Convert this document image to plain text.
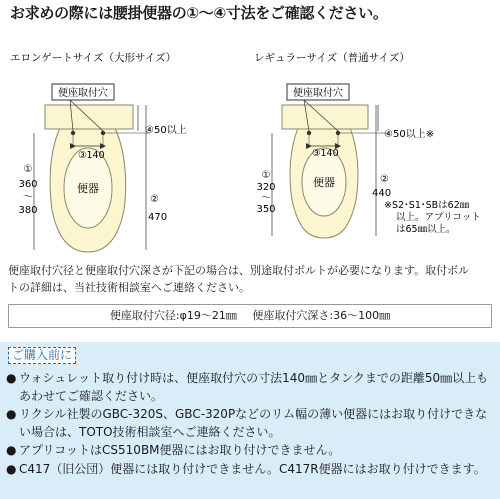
お求めの際には腰掛便器の①～④寸法をご確認ください。
エロンゲートサイズ（大形サイズ）
便座取付穴
④50以上
③140
便器
①
360
～
380
②
470
レギュラーサイズ（普通サイズ）
便座取付穴
④50以上※
③140
便器
①
320
～
350
②
440
※S2･S1･SBは62㎜
以上。アプリコット
は65㎜以上。
便座取付穴径と便座取付穴深さが下記の場合は、別途取付ボルトが必要になります。取付ボル
トの詳細は、当社技術相談室へご連絡ください。
便座取付穴径:φ19～21㎜ 便座取付穴深さ:36～100㎜
ご購入前に
● ウォシュレット取り付け時は、便座取付穴の寸法140㎜とタンクまでの距離50㎜以上もあわせてご確認ください。
● リクシル社製のGBC-320S、GBC-320Pなどのリム幅の薄い便器にはお取り付けできない場合は、TOTO技術相談室へご連絡ください。
● アプリコットはCS510BM便器にはお取り付けできません。
● C417（旧公団）便器には取り付けできません。C417R便器にはお取り付けできます。
